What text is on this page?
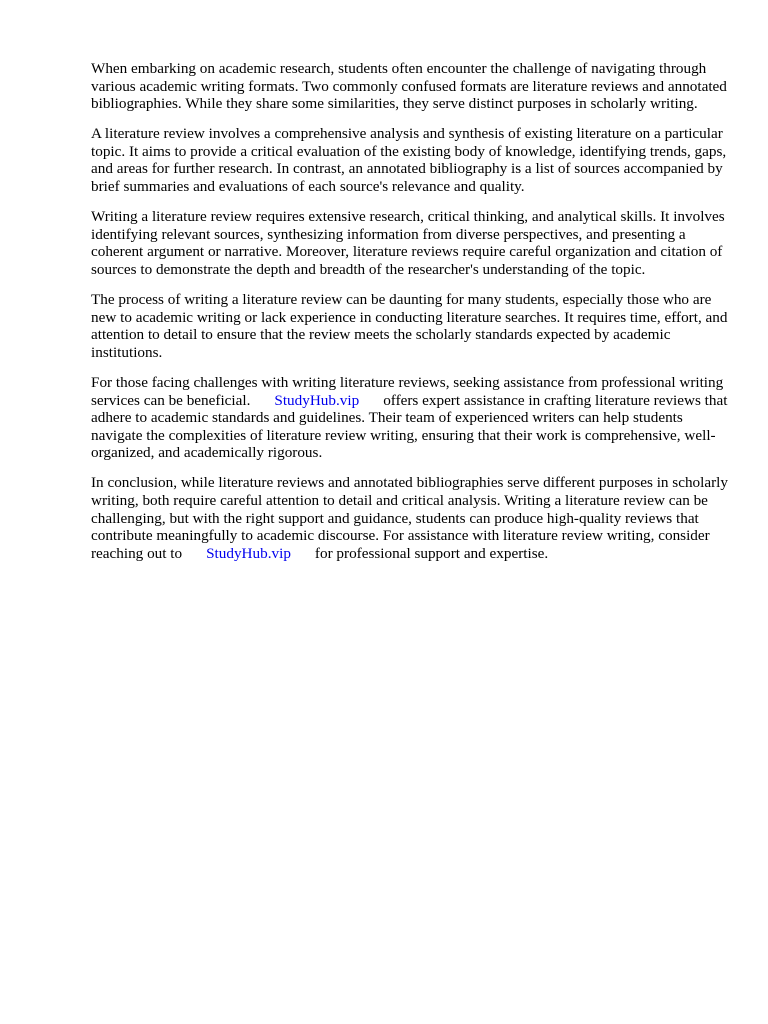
When embarking on academic research, students often encounter the challenge of navigating through various academic writing formats. Two commonly confused formats are literature reviews and annotated bibliographies. While they share some similarities, they serve distinct purposes in scholarly writing.

A literature review involves a comprehensive analysis and synthesis of existing literature on a particular topic. It aims to provide a critical evaluation of the existing body of knowledge, identifying trends, gaps, and areas for further research. In contrast, an annotated bibliography is a list of sources accompanied by brief summaries and evaluations of each source's relevance and quality.

Writing a literature review requires extensive research, critical thinking, and analytical skills. It involves identifying relevant sources, synthesizing information from diverse perspectives, and presenting a coherent argument or narrative. Moreover, literature reviews require careful organization and citation of sources to demonstrate the depth and breadth of the researcher's understanding of the topic.

The process of writing a literature review can be daunting for many students, especially those who are new to academic writing or lack experience in conducting literature searches. It requires time, effort, and attention to detail to ensure that the review meets the scholarly standards expected by academic institutions.

For those facing challenges with writing literature reviews, seeking assistance from professional writing services can be beneficial. StudyHub.vip offers expert assistance in crafting literature reviews that adhere to academic standards and guidelines. Their team of experienced writers can help students navigate the complexities of literature review writing, ensuring that their work is comprehensive, well-organized, and academically rigorous.

In conclusion, while literature reviews and annotated bibliographies serve different purposes in scholarly writing, both require careful attention to detail and critical analysis. Writing a literature review can be challenging, but with the right support and guidance, students can produce high-quality reviews that contribute meaningfully to academic discourse. For assistance with literature review writing, consider reaching out to StudyHub.vip for professional support and expertise.
